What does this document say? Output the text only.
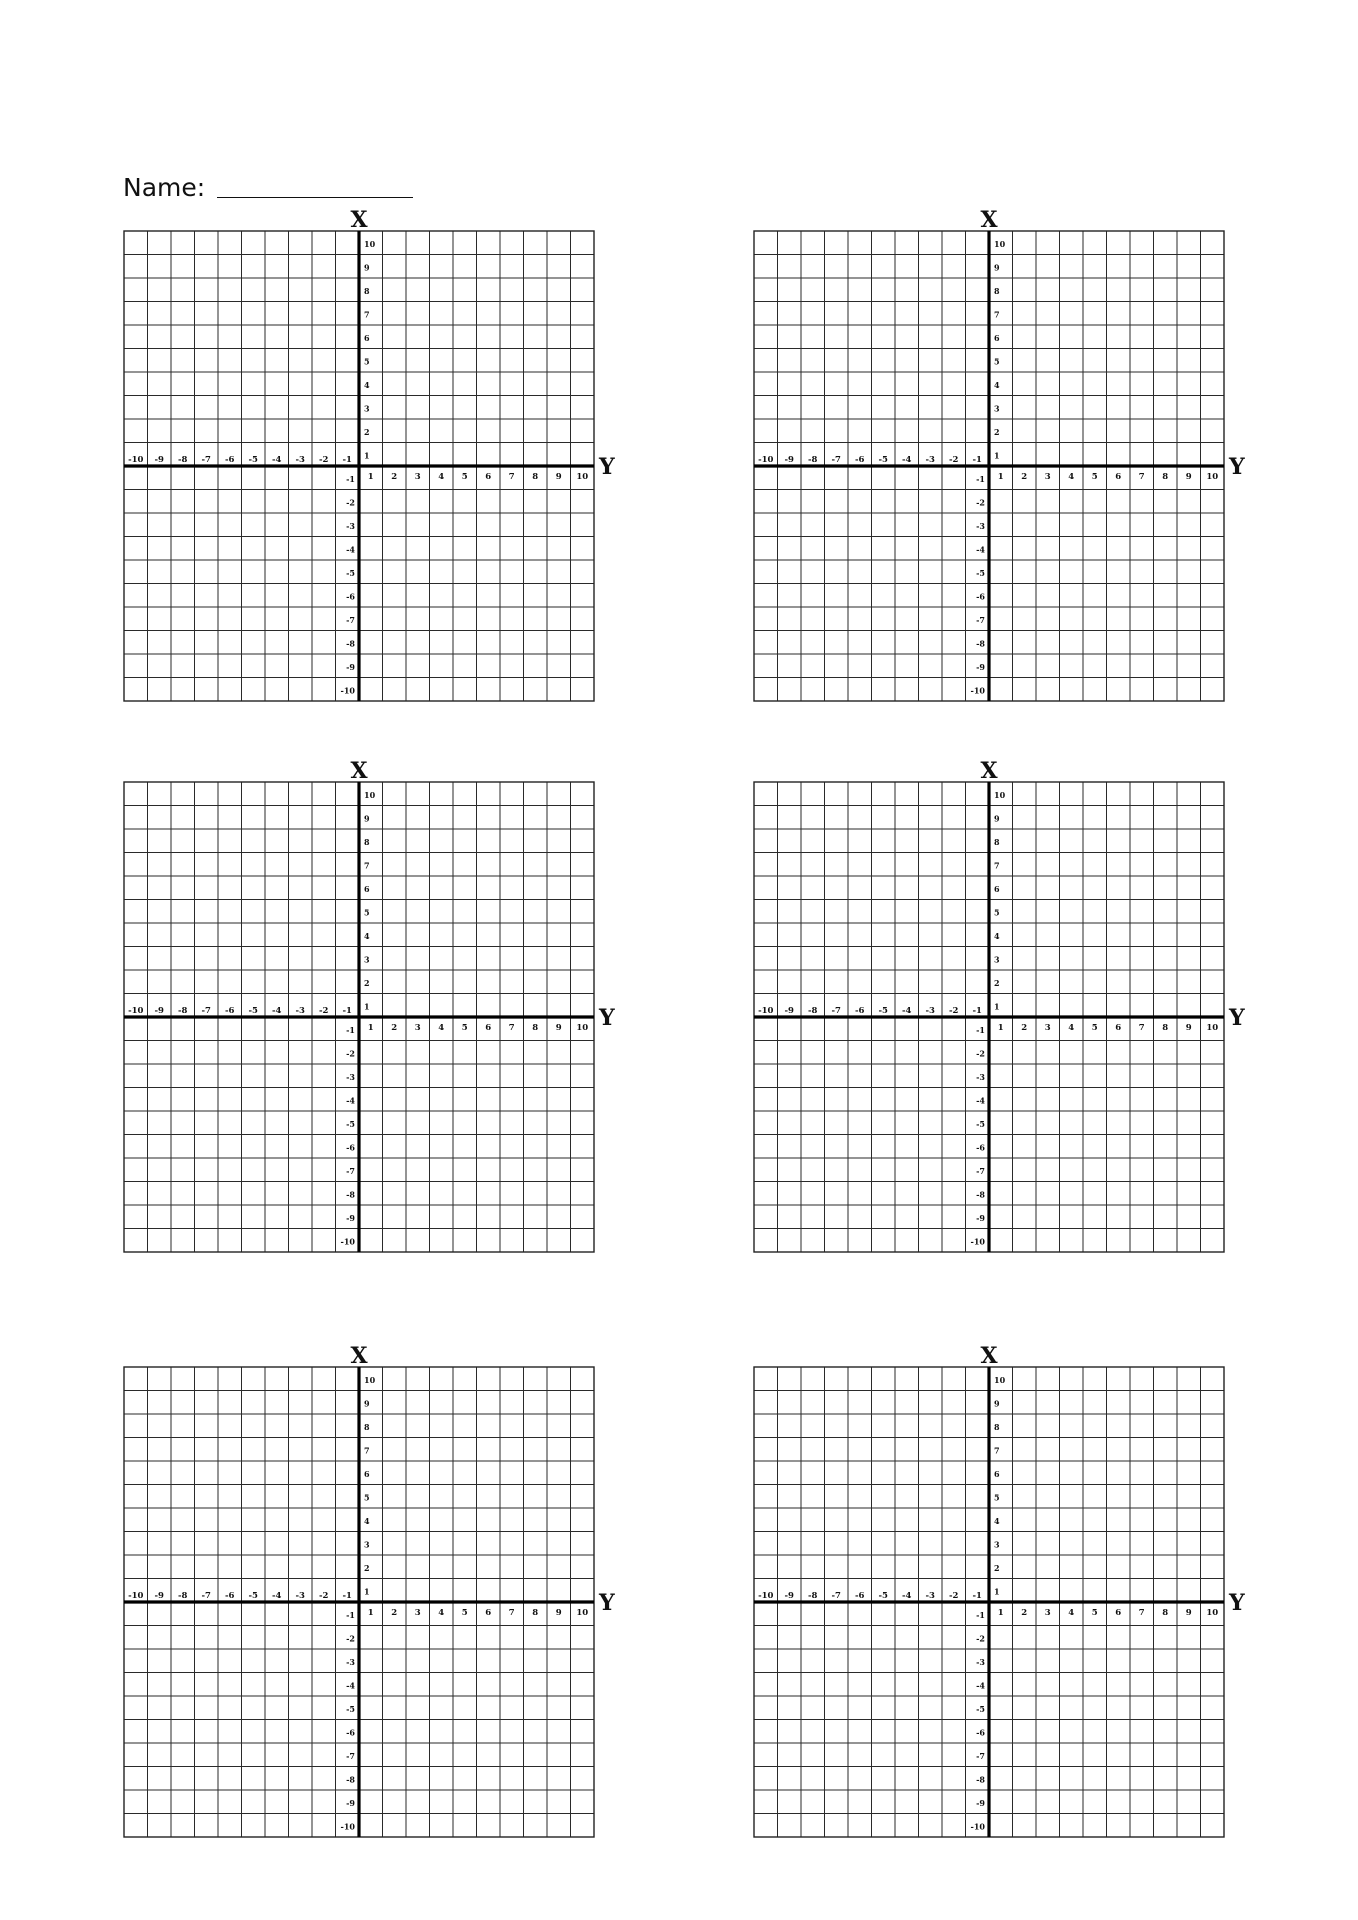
Name:
X
Y
-10 -9 -8 -7 -6 -5 -4 -3 -2 -1
1 2 3 4 5 6 7 8 9 10
10
9
8
7
6
5
4
3
2
1
-1
-2
-3
-4
-5
-6
-7
-8
-9
-10
X
Y
-10 -9 -8 -7 -6 -5 -4 -3 -2 -1
1 2 3 4 5 6 7 8 9 10
10
9
8
7
6
5
4
3
2
1
-1
-2
-3
-4
-5
-6
-7
-8
-9
-10
X
Y
-10 -9 -8 -7 -6 -5 -4 -3 -2 -1
1 2 3 4 5 6 7 8 9 10
10
9
8
7
6
5
4
3
2
1
-1
-2
-3
-4
-5
-6
-7
-8
-9
-10
X
Y
-10 -9 -8 -7 -6 -5 -4 -3 -2 -1
1 2 3 4 5 6 7 8 9 10
10
9
8
7
6
5
4
3
2
1
-1
-2
-3
-4
-5
-6
-7
-8
-9
-10
X
Y
-10 -9 -8 -7 -6 -5 -4 -3 -2 -1
1 2 3 4 5 6 7 8 9 10
10
9
8
7
6
5
4
3
2
1
-1
-2
-3
-4
-5
-6
-7
-8
-9
-10
X
Y
-10 -9 -8 -7 -6 -5 -4 -3 -2 -1
1 2 3 4 5 6 7 8 9 10
10
9
8
7
6
5
4
3
2
1
-1
-2
-3
-4
-5
-6
-7
-8
-9
-10
